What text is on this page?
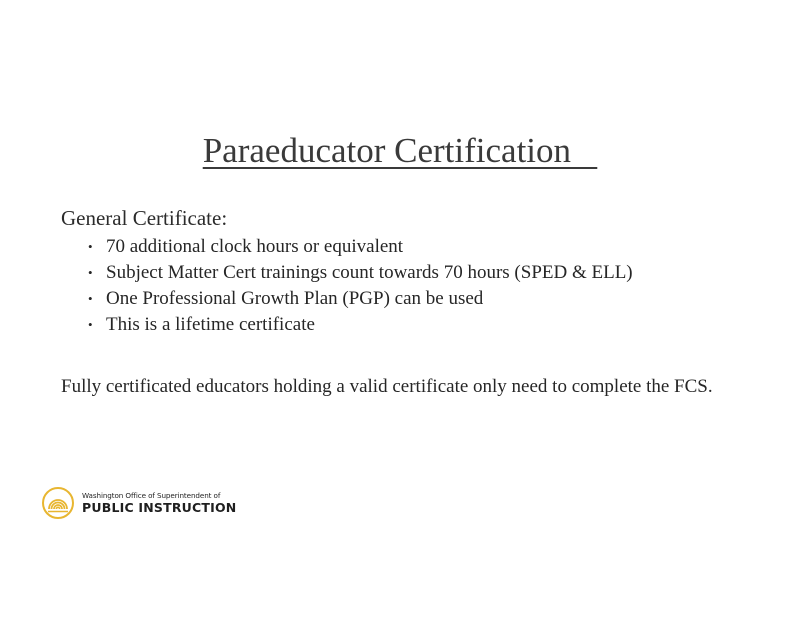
Paraeducator Certification
General Certificate:
• 70 additional clock hours or equivalent
• Subject Matter Cert trainings count towards 70 hours (SPED & ELL)
• One Professional Growth Plan (PGP) can be used
• This is a lifetime certificate
Fully certificated educators holding a valid certificate only need to complete the FCS.
Washington Office of Superintendent of
PUBLIC INSTRUCTION
